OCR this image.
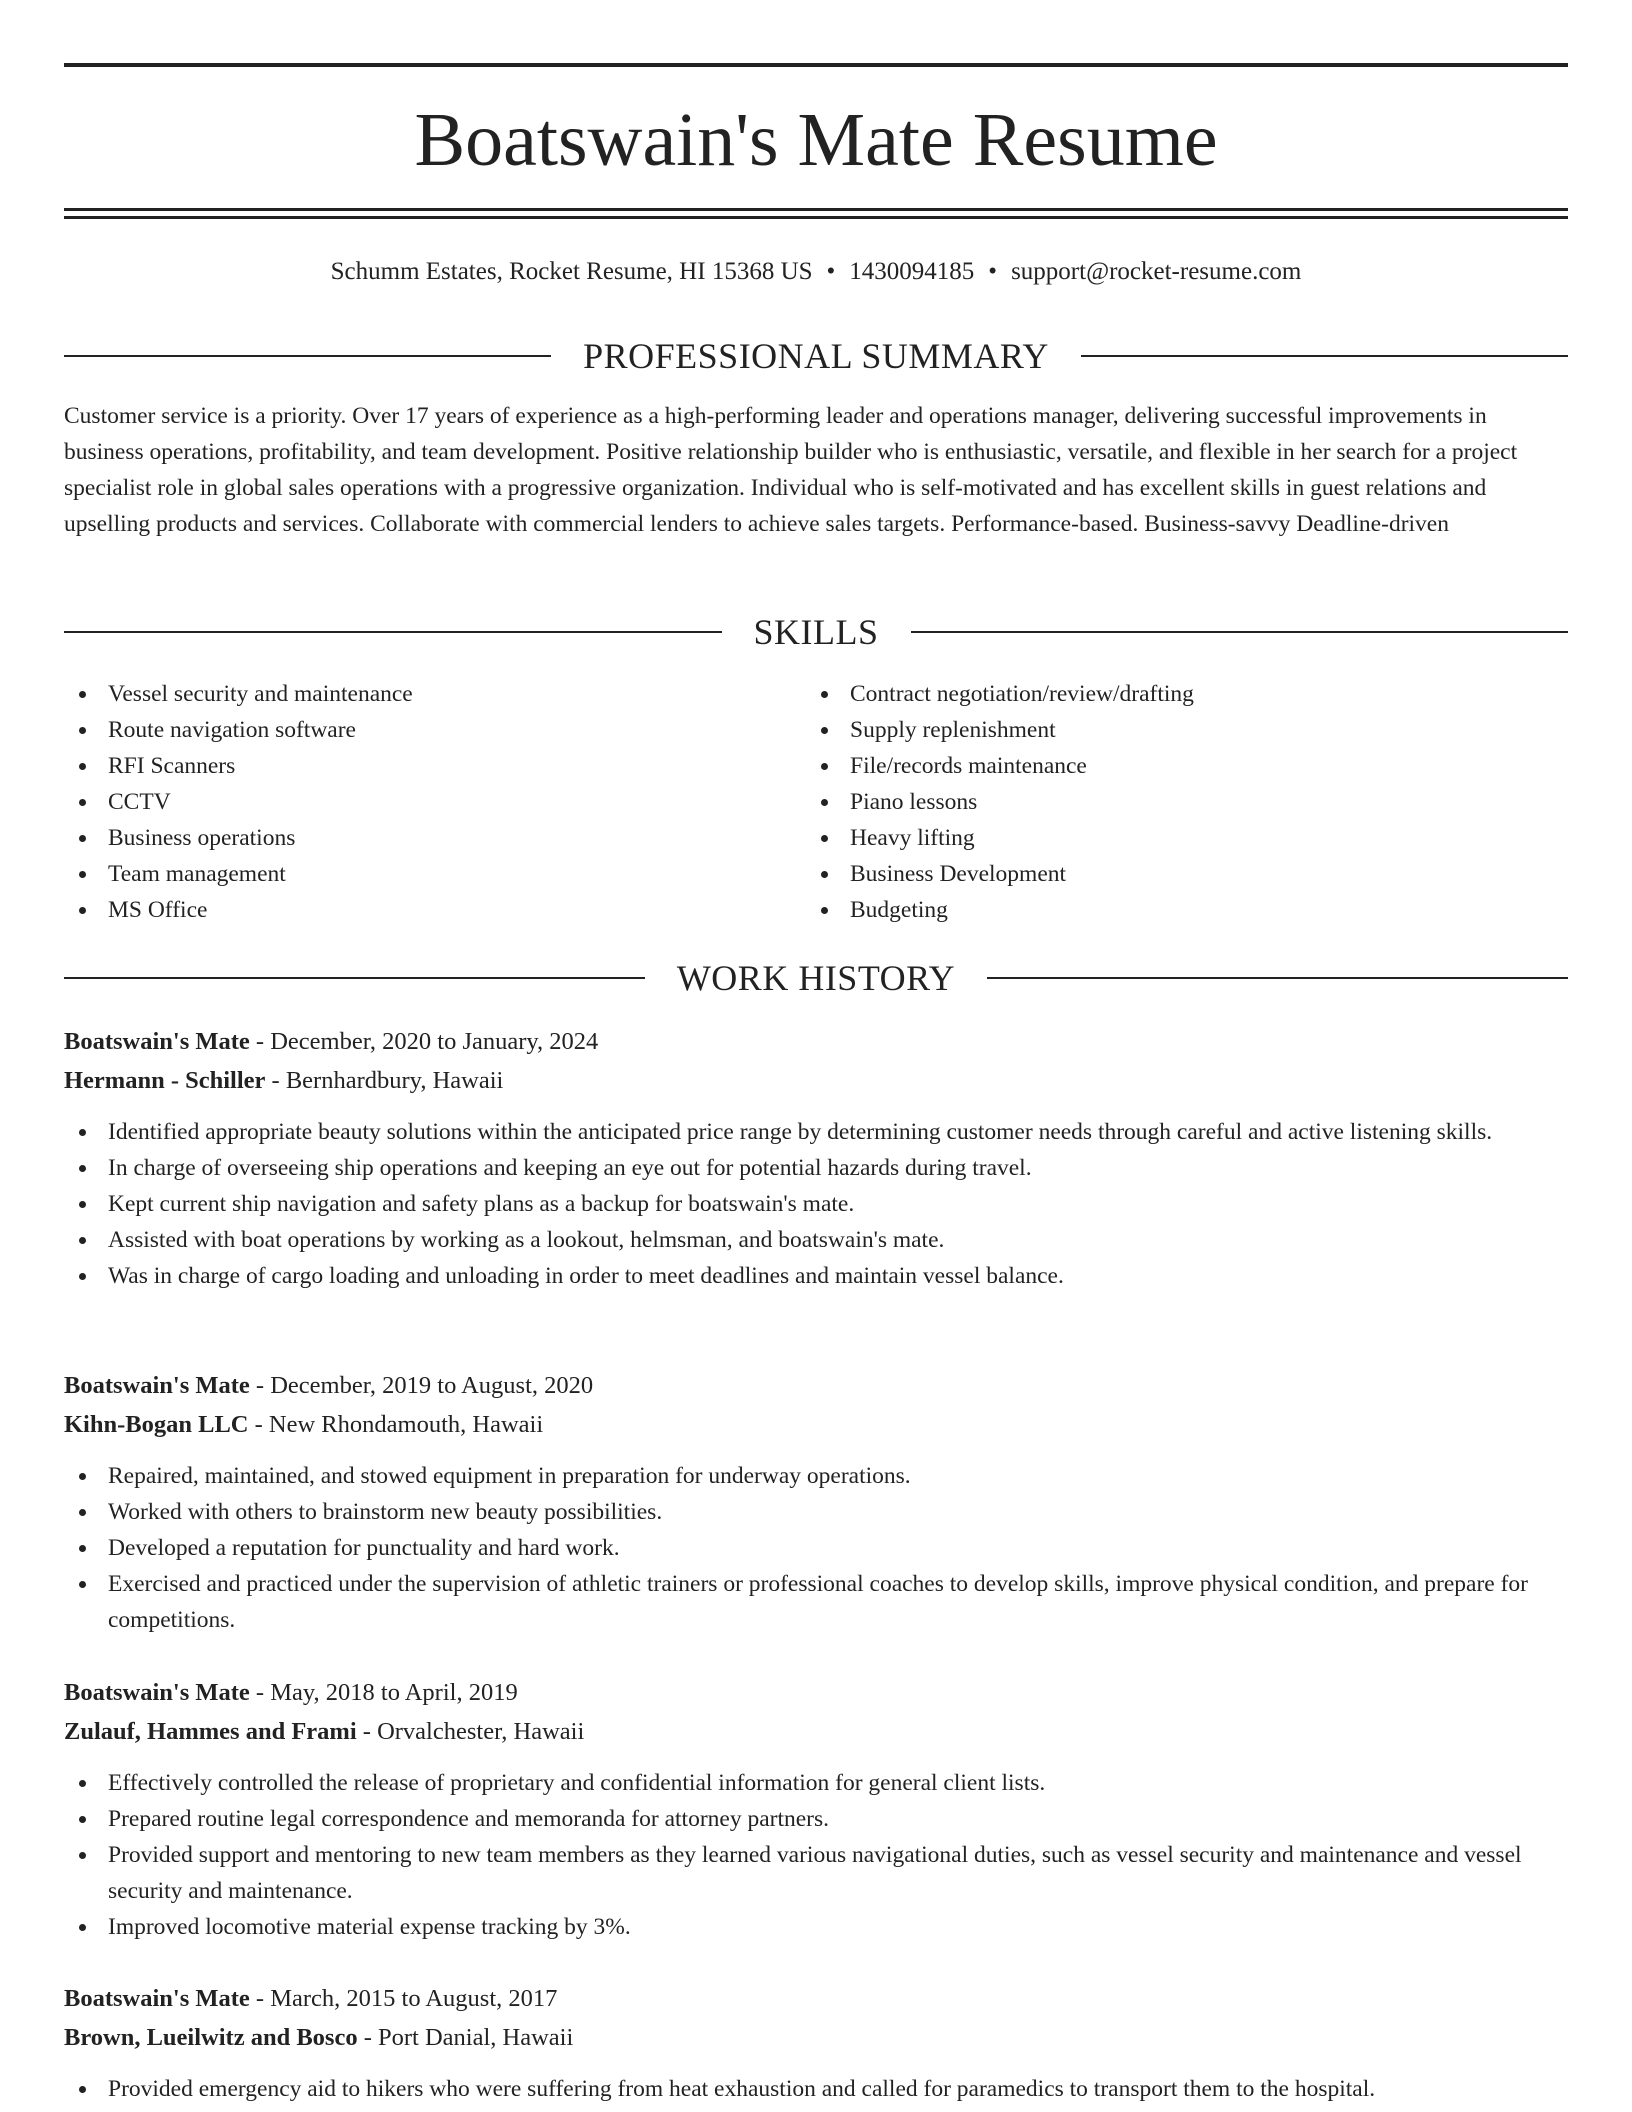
Boatswain's Mate Resume
Schumm Estates, Rocket Resume, HI 15368 US • 1430094185 • support@rocket-resume.com
PROFESSIONAL SUMMARY

Customer service is a priority. Over 17 years of experience as a high-performing leader and operations manager, delivering successful improvements in business operations, profitability, and team development. Positive relationship builder who is enthusiastic, versatile, and flexible in her search for a project specialist role in global sales operations with a progressive organization. Individual who is self-motivated and has excellent skills in guest relations and upselling products and services. Collaborate with commercial lenders to achieve sales targets. Performance-based. Business-savvy Deadline-driven

SKILLS
Vessel security and maintenance
Route navigation software
RFI Scanners
CCTV
Business operations
Team management
MS Office
Contract negotiation/review/drafting
Supply replenishment
File/records maintenance
Piano lessons
Heavy lifting
Business Development
Budgeting
WORK HISTORY

Boatswain's Mate - December, 2020 to January, 2024

Hermann - Schiller - Bernhardbury, Hawaii

Identified appropriate beauty solutions within the anticipated price range by determining customer needs through careful and active listening skills.
In charge of overseeing ship operations and keeping an eye out for potential hazards during travel.
Kept current ship navigation and safety plans as a backup for boatswain's mate.
Assisted with boat operations by working as a lookout, helmsman, and boatswain's mate.
Was in charge of cargo loading and unloading in order to meet deadlines and maintain vessel balance.

Boatswain's Mate - December, 2019 to August, 2020

Kihn-Bogan LLC - New Rhondamouth, Hawaii

Repaired, maintained, and stowed equipment in preparation for underway operations.
Worked with others to brainstorm new beauty possibilities.
Developed a reputation for punctuality and hard work.
Exercised and practiced under the supervision of athletic trainers or professional coaches to develop skills, improve physical condition, and prepare for competitions.

Boatswain's Mate - May, 2018 to April, 2019

Zulauf, Hammes and Frami - Orvalchester, Hawaii

Effectively controlled the release of proprietary and confidential information for general client lists.
Prepared routine legal correspondence and memoranda for attorney partners.
Provided support and mentoring to new team members as they learned various navigational duties, such as vessel security and maintenance and vessel security and maintenance.
Improved locomotive material expense tracking by 3%.

Boatswain's Mate - March, 2015 to August, 2017

Brown, Lueilwitz and Bosco - Port Danial, Hawaii

Provided emergency aid to hikers who were suffering from heat exhaustion and called for paramedics to transport them to the hospital.
